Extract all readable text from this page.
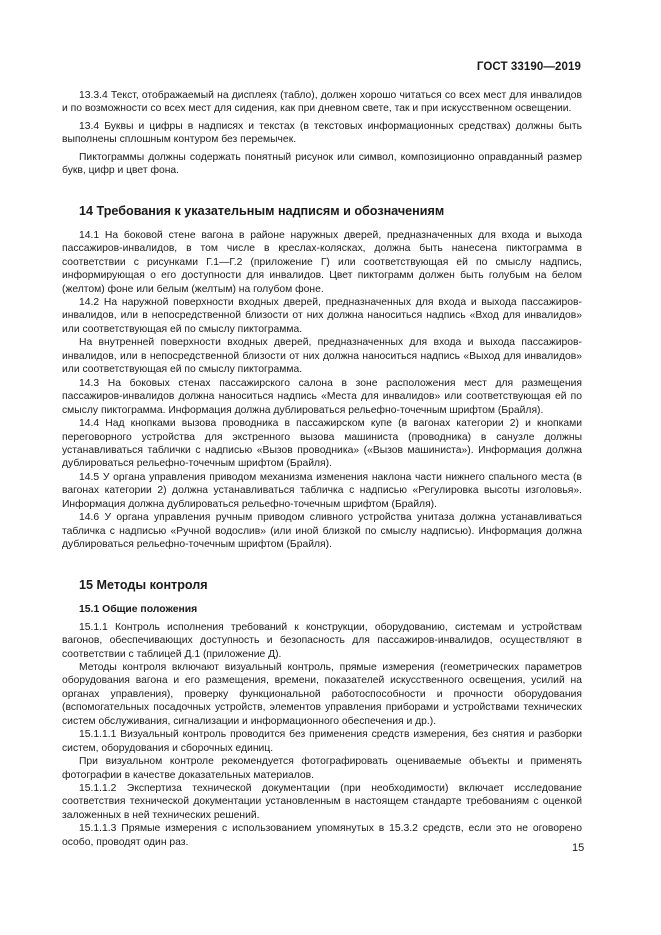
ГОСТ 33190—2019

13.3.4 Текст, отображаемый на дисплеях (табло), должен хорошо читаться со всех мест для инвалидов и по возможности со всех мест для сидения, как при дневном свете, так и при искусственном освещении.

13.4 Буквы и цифры в надписях и текстах (в текстовых информационных средствах) должны быть выполнены сплошным контуром без перемычек.

Пиктограммы должны содержать понятный рисунок или символ, композиционно оправданный размер букв, цифр и цвет фона.

14 Требования к указательным надписям и обозначениям

14.1 На боковой стене вагона в районе наружных дверей, предназначенных для входа и выхода пассажиров-инвалидов, в том числе в креслах-колясках, должна быть нанесена пиктограмма в соответствии с рисунками Г.1—Г.2 (приложение Г) или соответствующая ей по смыслу надпись, информирующая о его доступности для инвалидов. Цвет пиктограмм должен быть голубым на белом (желтом) фоне или белым (желтым) на голубом фоне.

14.2 На наружной поверхности входных дверей, предназначенных для входа и выхода пассажиров-инвалидов, или в непосредственной близости от них должна наноситься надпись «Вход для инвалидов» или соответствующая ей по смыслу пиктограмма.

На внутренней поверхности входных дверей, предназначенных для входа и выхода пассажиров-инвалидов, или в непосредственной близости от них должна наноситься надпись «Выход для инвалидов» или соответствующая ей по смыслу пиктограмма.

14.3 На боковых стенах пассажирского салона в зоне расположения мест для размещения пассажиров-инвалидов должна наноситься надпись «Места для инвалидов» или соответствующая ей по смыслу пиктограмма. Информация должна дублироваться рельефно-точечным шрифтом (Брайля).

14.4 Над кнопками вызова проводника в пассажирском купе (в вагонах категории 2) и кнопками переговорного устройства для экстренного вызова машиниста (проводника) в санузле должны устанавливаться таблички с надписью «Вызов проводника» («Вызов машиниста»). Информация должна дублироваться рельефно-точечным шрифтом (Брайля).

14.5 У органа управления приводом механизма изменения наклона части нижнего спального места (в вагонах категории 2) должна устанавливаться табличка с надписью «Регулировка высоты изголовья». Информация должна дублироваться рельефно-точечным шрифтом (Брайля).

14.6 У органа управления ручным приводом сливного устройства унитаза должна устанавливаться табличка с надписью «Ручной водослив» (или иной близкой по смыслу надписью). Информация должна дублироваться рельефно-точечным шрифтом (Брайля).

15 Методы контроля
15.1 Общие положения

15.1.1 Контроль исполнения требований к конструкции, оборудованию, системам и устройствам вагонов, обеспечивающих доступность и безопасность для пассажиров-инвалидов, осуществляют в соответствии с таблицей Д.1 (приложение Д).

Методы контроля включают визуальный контроль, прямые измерения (геометрических параметров оборудования вагона и его размещения, времени, показателей искусственного освещения, усилий на органах управления), проверку функциональной работоспособности и прочности оборудования (вспомогательных посадочных устройств, элементов управления приборами и устройствами технических систем обслуживания, сигнализации и информационного обеспечения и др.).

15.1.1.1 Визуальный контроль проводится без применения средств измерения, без снятия и разборки систем, оборудования и сборочных единиц.

При визуальном контроле рекомендуется фотографировать оцениваемые объекты и применять фотографии в качестве доказательных материалов.

15.1.1.2 Экспертиза технической документации (при необходимости) включает исследование соответствия технической документации установленным в настоящем стандарте требованиям с оценкой заложенных в ней технических решений.

15.1.1.3 Прямые измерения с использованием упомянутых в 15.3.2 средств, если это не оговорено особо, проводят один раз.	15
